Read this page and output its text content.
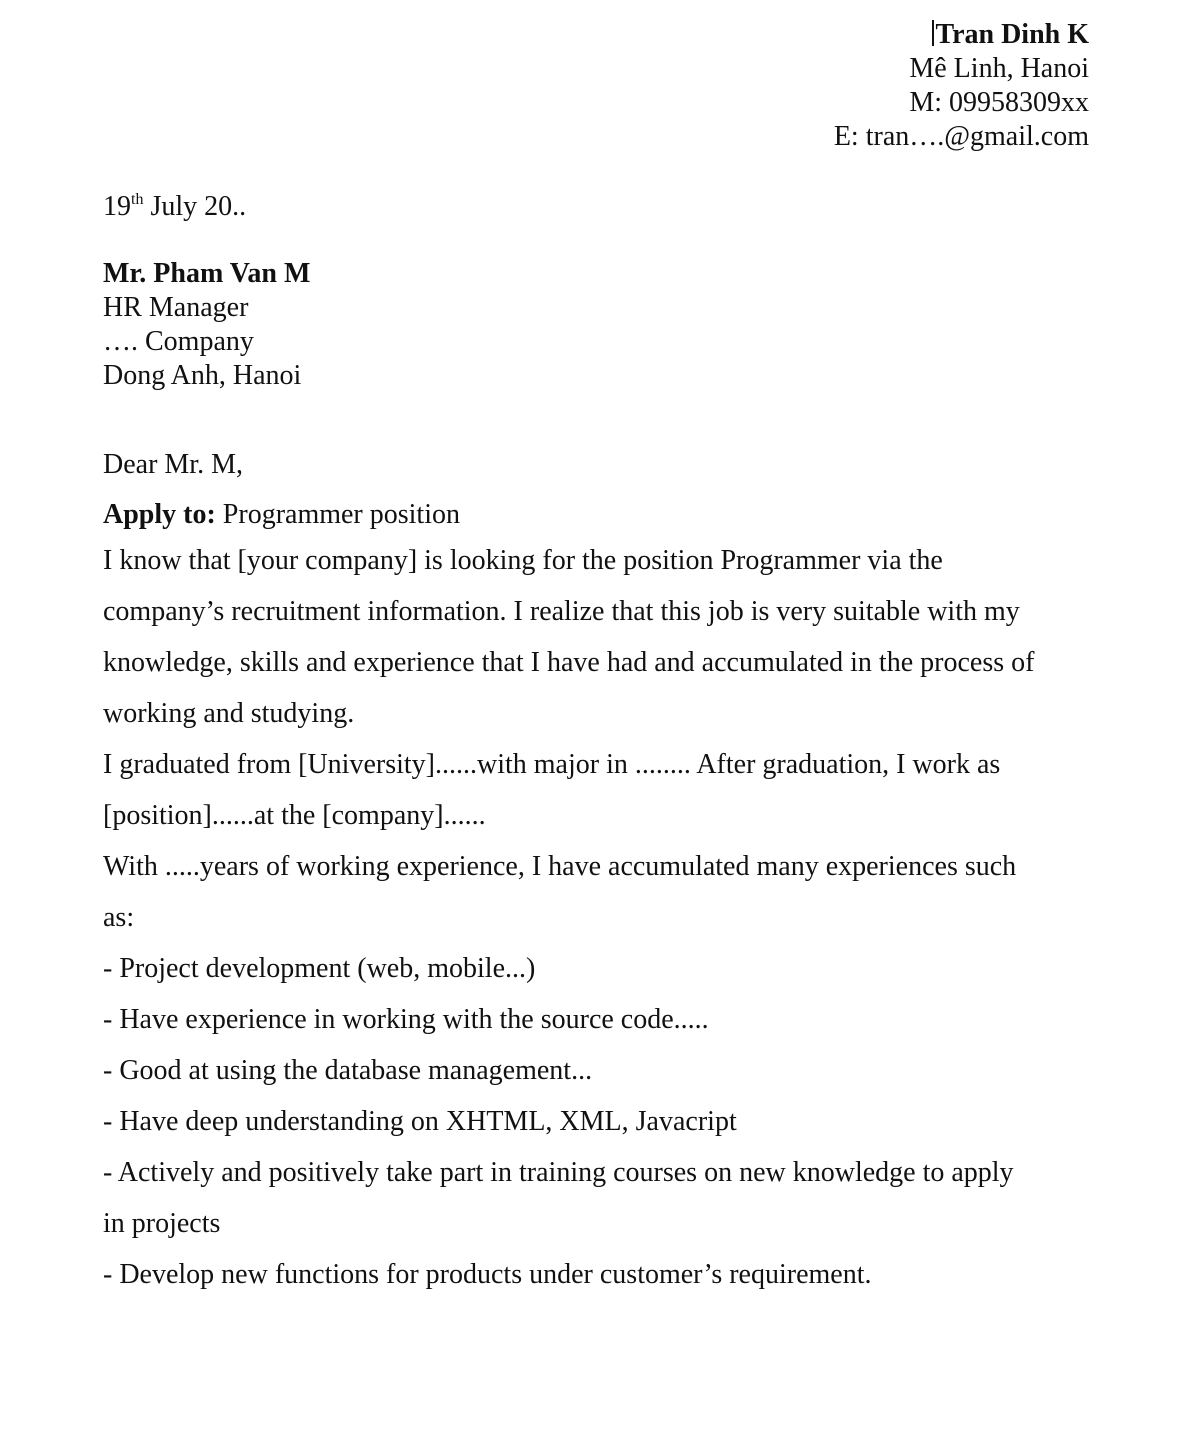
Tran Dinh K
Mê Linh, Hanoi
M: 09958309xx
E: tran….@gmail.com
19th July 20..
Mr. Pham Van M
HR Manager
…. Company
Dong Anh, Hanoi
Dear Mr. M,
Apply to: Programmer position
I know that [your company] is looking for the position Programmer via the
company’s recruitment information. I realize that this job is very suitable with my
knowledge, skills and experience that I have had and accumulated in the process of
working and studying.
I graduated from [University]......with major in ........ After graduation, I work as
[position]......at the [company]......
With .....years of working experience, I have accumulated many experiences such
as:
- Project development (web, mobile...)
- Have experience in working with the source code.....
- Good at using the database management...
- Have deep understanding on XHTML, XML, Javacript
- Actively and positively take part in training courses on new knowledge to apply
in projects
- Develop new functions for products under customer’s requirement.
